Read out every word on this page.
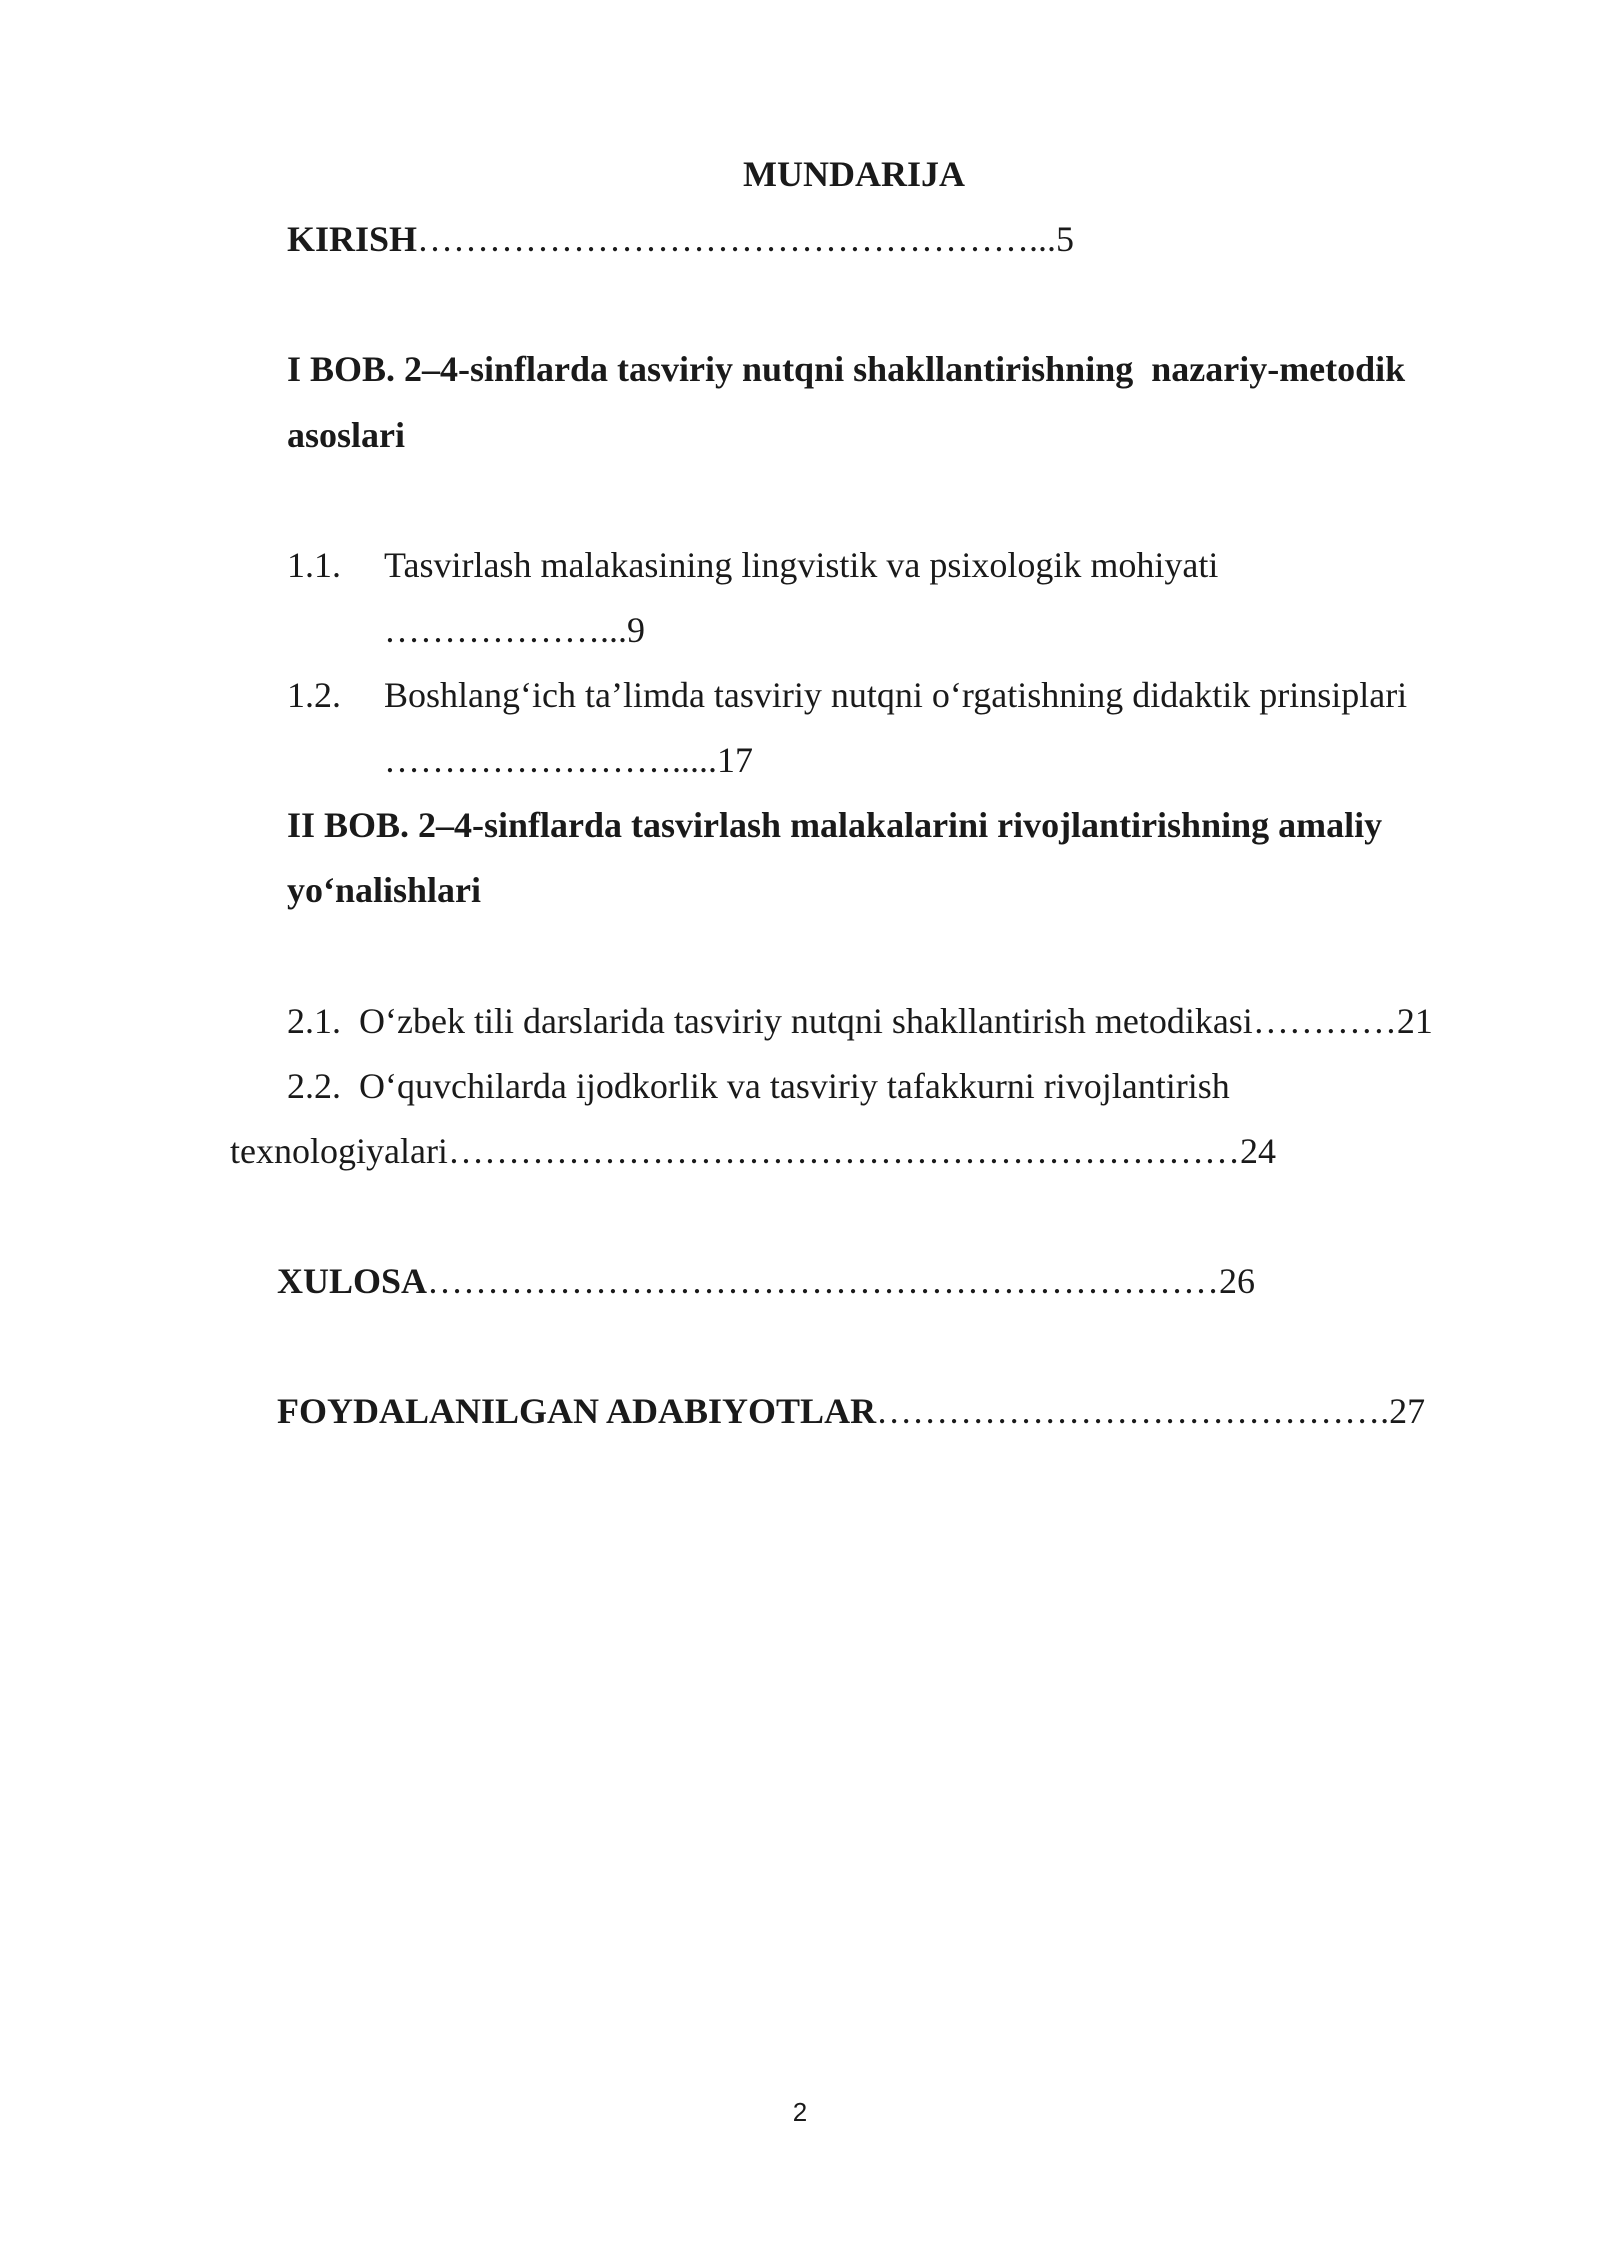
MUNDARIJA
KIRISH……………………………………………...5
I BOB. 2–4-sinflarda tasviriy nutqni shakllantirishning  nazariy-metodik
asoslari
1.1. Tasvirlash malakasining lingvistik va psixologik mohiyati
………………...9
1.2. Boshlang‘ich ta’limda tasviriy nutqni o‘rgatishning didaktik prinsiplari
…………………….....17
II BOB. 2–4-sinflarda tasvirlash malakalarini rivojlantirishning amaliy
yo‘nalishlari
2.1. O‘zbek tili darslarida tasviriy nutqni shakllantirish metodikasi…………21
2.2. O‘quvchilarda ijodkorlik va tasviriy tafakkurni rivojlantirish
texnologiyalari…………………………………………………………24
XULOSA…………………………………………………………26
FOYDALANILGAN ADABIYOTLAR…………………………………….27
2
